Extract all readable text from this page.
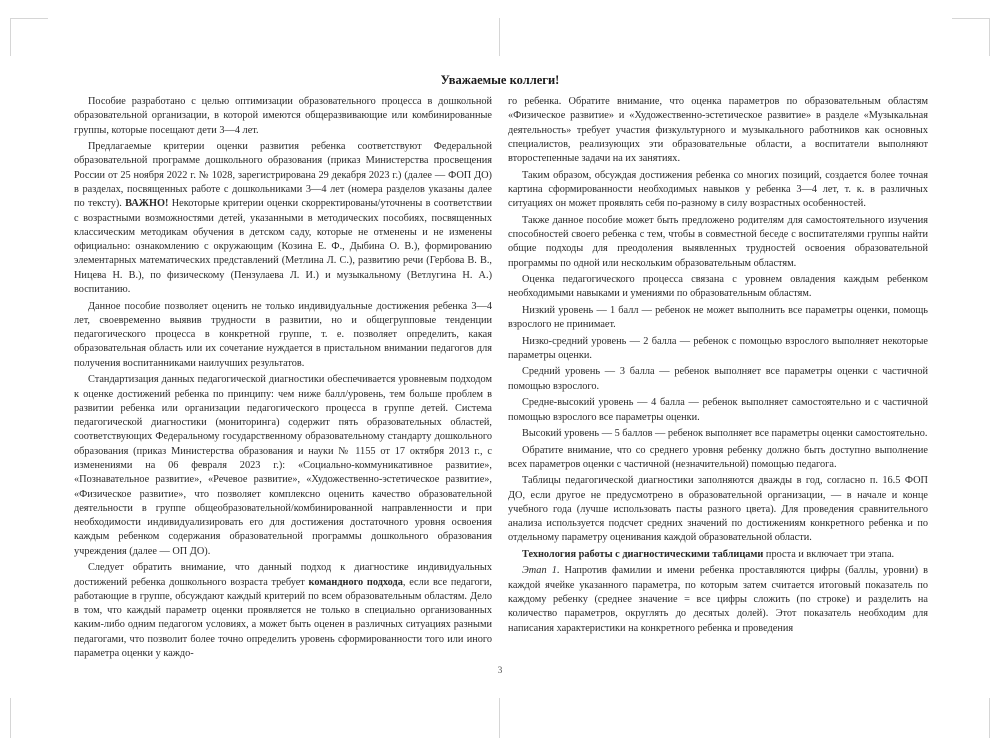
Уважаемые коллеги!

Пособие разработано с целью оптимизации образовательного процесса в дошкольной образовательной организации, в которой имеются общеразвивающие или комбинированные группы, которые посещают дети 3—4 лет.

Предлагаемые критерии оценки развития ребенка соответствуют Федеральной образовательной программе дошкольного образования (приказ Министерства просвещения России от 25 ноября 2022 г. № 1028, зарегистрирована 29 декабря 2023 г.) (далее — ФОП ДО) в разделах, посвященных работе с дошкольниками 3—4 лет (номера разделов указаны далее по тексту). ВАЖНО! Некоторые критерии оценки скорректированы/уточнены в соответствии с возрастными возможностями детей, указанными в методических пособиях, посвященных классическим методикам обучения в детском саду, которые не отменены и не изменены официально: ознакомлению с окружающим (Козина Е. Ф., Дыбина О. В.), формированию элементарных математических представлений (Метлина Л. С.), развитию речи (Гербова В. В., Ницева Н. В.), по физическому (Пензулаева Л. И.) и музыкальному (Ветлугина Н. А.) воспитанию.

Данное пособие позволяет оценить не только индивидуальные достижения ребенка 3—4 лет, своевременно выявив трудности в развитии, но и общегрупповые тенденции педагогического процесса в конкретной группе, т. е. позволяет определить, какая образовательная область или их сочетание нуждается в пристальном внимании педагогов для получения воспитанниками наилучших результатов.

Стандартизация данных педагогической диагностики обеспечивается уровневым подходом к оценке достижений ребенка по принципу: чем ниже балл/уровень, тем больше проблем в развитии ребенка или организации педагогического процесса в группе детей. Система педагогической диагностики (мониторинга) содержит пять образовательных областей, соответствующих Федеральному государственному образовательному стандарту дошкольного образования (приказ Министерства образования и науки № 1155 от 17 октября 2013 г., с изменениями на 06 февраля 2023 г.): «Социально-коммуникативное развитие», «Познавательное развитие», «Речевое развитие», «Художественно-эстетическое развитие», «Физическое развитие», что позволяет комплексно оценить качество образовательной деятельности в группе общеобразовательной/комбинированной направленности и при необходимости индивидуализировать его для достижения достаточного уровня освоения каждым ребенком содержания образовательной программы дошкольного образования учреждения (далее — ОП ДО).

Следует обратить внимание, что данный подход к диагностике индивидуальных достижений ребенка дошкольного возраста требует командного подхода, если все педагоги, работающие в группе, обсуждают каждый критерий по всем образовательным областям. Дело в том, что каждый параметр оценки проявляется не только в специально организованных каким-либо одним педагогом условиях, а может быть оценен в различных ситуациях разными педагогами, что позволит более точно определить уровень сформированности того или иного параметра оценки у каждо-

го ребенка. Обратите внимание, что оценка параметров по образовательным областям «Физическое развитие» и «Художественно-эстетическое развитие» в разделе «Музыкальная деятельность» требует участия физкультурного и музыкального работников как основных специалистов, реализующих эти образовательные области, а воспитатели выполняют второстепенные задачи на их занятиях.

Таким образом, обсуждая достижения ребенка со многих позиций, создается более точная картина сформированности необходимых навыков у ребенка 3—4 лет, т. к. в различных ситуациях он может проявлять себя по-разному в силу возрастных особенностей.

Также данное пособие может быть предложено родителям для самостоятельного изучения способностей своего ребенка с тем, чтобы в совместной беседе с воспитателями группы найти общие подходы для преодоления выявленных трудностей освоения образовательной программы по одной или нескольким образовательным областям.

Оценка педагогического процесса связана с уровнем овладения каждым ребенком необходимыми навыками и умениями по образовательным областям.

Низкий уровень — 1 балл — ребенок не может выполнить все параметры оценки, помощь взрослого не принимает.

Низко-средний уровень — 2 балла — ребенок с помощью взрослого выполняет некоторые параметры оценки.

Средний уровень — 3 балла — ребенок выполняет все параметры оценки с частичной помощью взрослого.

Средне-высокий уровень — 4 балла — ребенок выполняет самостоятельно и с частичной помощью взрослого все параметры оценки.

Высокий уровень — 5 баллов — ребенок выполняет все параметры оценки самостоятельно.

Обратите внимание, что со среднего уровня ребенку должно быть доступно выполнение всех параметров оценки с частичной (незначительной) помощью педагога.

Таблицы педагогической диагностики заполняются дважды в год, согласно п. 16.5 ФОП ДО, если другое не предусмотрено в образовательной организации, — в начале и конце учебного года (лучше использовать пасты разного цвета). Для проведения сравнительного анализа используется подсчет средних значений по достижениям конкретного ребенка и по отдельному параметру оценивания каждой образовательной области.

Технология работы с диагностическими таблицами проста и включает три этапа.

Этап 1. Напротив фамилии и имени ребенка проставляются цифры (баллы, уровни) в каждой ячейке указанного параметра, по которым затем считается итоговый показатель по каждому ребенку (среднее значение = все цифры сложить (по строке) и разделить на количество параметров, округлять до десятых долей). Этот показатель необходим для написания характеристики на конкретного ребенка и проведения

3
